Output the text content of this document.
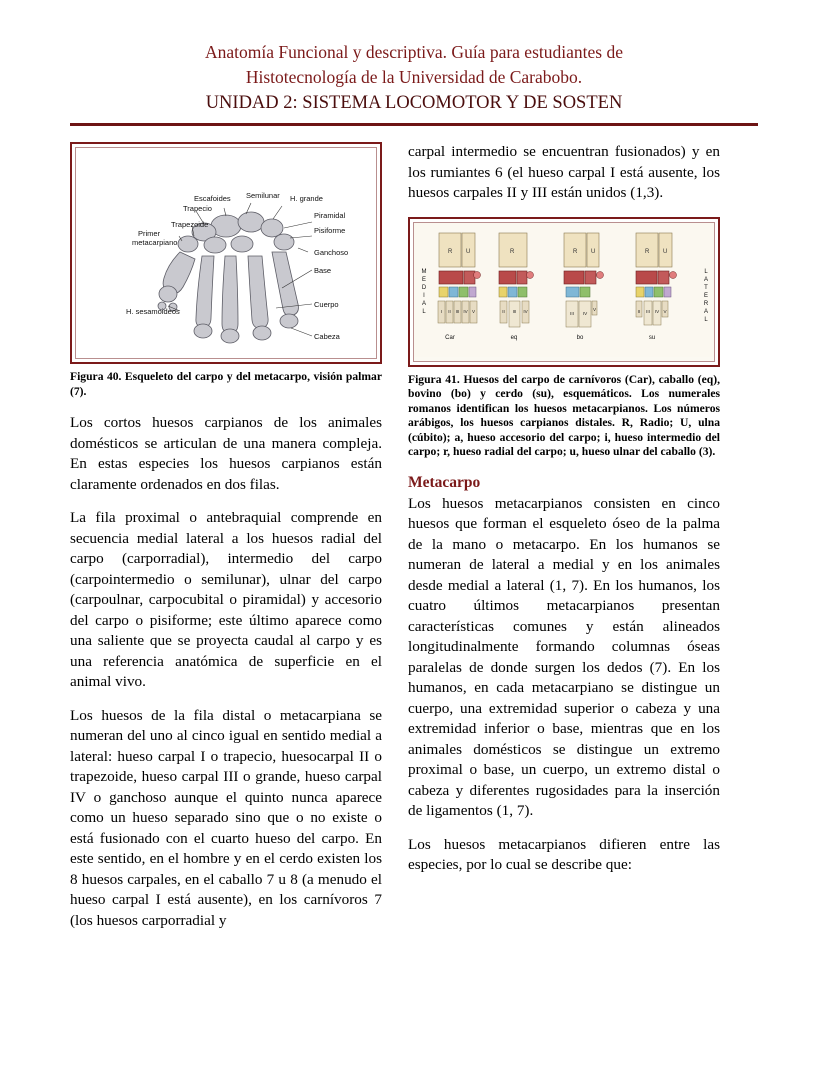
Anatomía Funcional y descriptiva. Guía para estudiantes de
Histotecnología de la Universidad de Carabobo.
UNIDAD 2: SISTEMA LOCOMOTOR Y DE SOSTEN
Escafoides Semilunar H. grande
Trapecio
Piramidal
Trapezoide
Pisiforme
Primer
metacarpiano
Ganchoso
Base
Cuerpo
H. sesamoideos
Cabeza
Figura 40. Esqueleto del carpo y del metacarpo, visión palmar (7).

Los cortos huesos carpianos de los animales domésticos se articulan de una manera compleja. En estas especies los huesos carpianos están claramente ordenados en dos filas.

La fila proximal o antebraquial comprende en secuencia medial lateral a los huesos radial del carpo (carporradial), intermedio del carpo (carpointermedio o semilunar), ulnar del carpo (carpoulnar, carpocubital o piramidal) y accesorio del carpo o pisiforme; este último aparece como una saliente que se proyecta caudal al carpo y es una referencia anatómica de superficie en el animal vivo.

Los huesos de la fila distal o metacarpiana se numeran del uno al cinco igual en sentido medial a lateral: hueso carpal I o trapecio, huesocarpal II o trapezoide, hueso carpal III o grande, hueso carpal IV o ganchoso aunque el quinto nunca aparece como un hueso separado sino que o no existe o está fusionado con el cuarto hueso del carpo. En este sentido, en el hombre y en el cerdo existen los 8 huesos carpales, en el caballo 7 u 8 (a menudo el hueso carpal I está ausente), en los carnívoros 7 (los huesos carporradial y

carpal intermedio se encuentran fusionados) y en los rumiantes 6 (el hueso carpal I está ausente, los huesos carpales II y III están unidos (1,3).

M
E
D
I
A
L
L
A
T
E
R
A
L
R U
I II III IV V
Car
R
II III IV
eq
R U
III IV
V
bo
R U
II III IV V
su
Figura 41. Huesos del carpo de carnívoros (Car), caballo (eq), bovino (bo) y cerdo (su), esquemáticos. Los numerales romanos identifican los huesos metacarpianos. Los números arábigos, los huesos carpianos distales. R, Radio; U, ulna (cúbito); a, hueso accesorio del carpo; i, hueso intermedio del carpo; r, hueso radial del carpo; u, hueso ulnar del caballo (3).
Metacarpo

Los huesos metacarpianos consisten en cinco huesos que forman el esqueleto óseo de la palma de la mano o metacarpo. En los humanos se numeran de lateral a medial y en los animales desde medial a lateral (1, 7). En los humanos, los cuatro últimos metacarpianos presentan características comunes y están alineados longitudinalmente formando columnas óseas paralelas de donde surgen los dedos (7). En los humanos, en cada metacarpiano se distingue un cuerpo, una extremidad superior o cabeza y una extremidad inferior o base, mientras que en los animales domésticos se distingue un extremo proximal o base, un cuerpo, un extremo distal o cabeza y diferentes rugosidades para la inserción de ligamentos (1, 7).

Los huesos metacarpianos difieren entre las especies, por lo cual se describe que:
